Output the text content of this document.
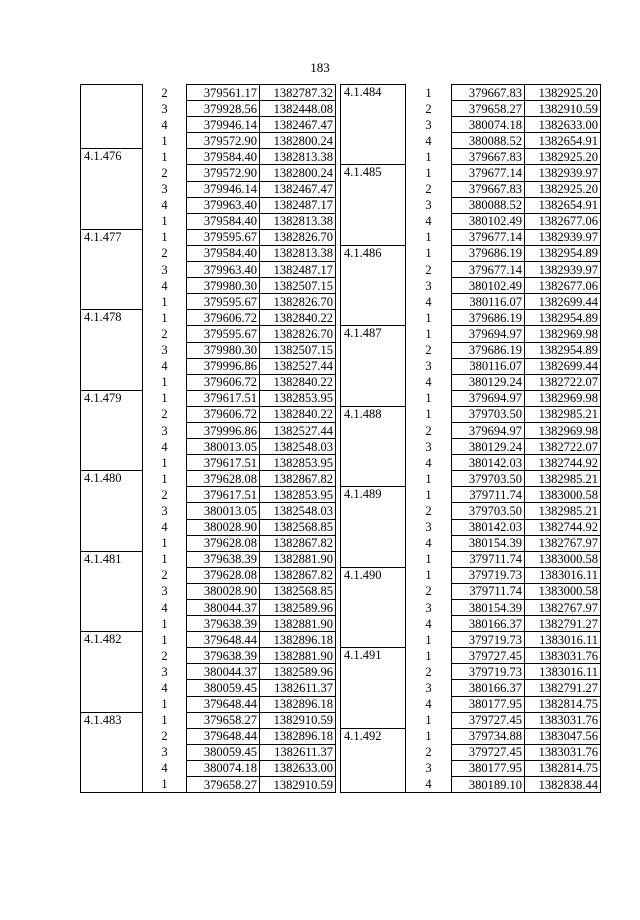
183
	2	379561.17	1382787.32
	3	379928.56	1382448.08
	4	379946.14	1382467.47
	1	379572.90	1382800.24
4.1.476	1	379584.40	1382813.38
	2	379572.90	1382800.24
	3	379946.14	1382467.47
	4	379963.40	1382487.17
	1	379584.40	1382813.38
4.1.477	1	379595.67	1382826.70
	2	379584.40	1382813.38
	3	379963.40	1382487.17
	4	379980.30	1382507.15
	1	379595.67	1382826.70
4.1.478	1	379606.72	1382840.22
	2	379595.67	1382826.70
	3	379980.30	1382507.15
	4	379996.86	1382527.44
	1	379606.72	1382840.22
4.1.479	1	379617.51	1382853.95
	2	379606.72	1382840.22
	3	379996.86	1382527.44
	4	380013.05	1382548.03
	1	379617.51	1382853.95
4.1.480	1	379628.08	1382867.82
	2	379617.51	1382853.95
	3	380013.05	1382548.03
	4	380028.90	1382568.85
	1	379628.08	1382867.82
4.1.481	1	379638.39	1382881.90
	2	379628.08	1382867.82
	3	380028.90	1382568.85
	4	380044.37	1382589.96
	1	379638.39	1382881.90
4.1.482	1	379648.44	1382896.18
	2	379638.39	1382881.90
	3	380044.37	1382589.96
	4	380059.45	1382611.37
	1	379648.44	1382896.18
4.1.483	1	379658.27	1382910.59
	2	379648.44	1382896.18
	3	380059.45	1382611.37
	4	380074.18	1382633.00
	1	379658.27	1382910.59
4.1.484	1	379667.83	1382925.20
	2	379658.27	1382910.59
	3	380074.18	1382633.00
	4	380088.52	1382654.91
	1	379667.83	1382925.20
4.1.485	1	379677.14	1382939.97
	2	379667.83	1382925.20
	3	380088.52	1382654.91
	4	380102.49	1382677.06
	1	379677.14	1382939.97
4.1.486	1	379686.19	1382954.89
	2	379677.14	1382939.97
	3	380102.49	1382677.06
	4	380116.07	1382699.44
	1	379686.19	1382954.89
4.1.487	1	379694.97	1382969.98
	2	379686.19	1382954.89
	3	380116.07	1382699.44
	4	380129.24	1382722.07
	1	379694.97	1382969.98
4.1.488	1	379703.50	1382985.21
	2	379694.97	1382969.98
	3	380129.24	1382722.07
	4	380142.03	1382744.92
	1	379703.50	1382985.21
4.1.489	1	379711.74	1383000.58
	2	379703.50	1382985.21
	3	380142.03	1382744.92
	4	380154.39	1382767.97
	1	379711.74	1383000.58
4.1.490	1	379719.73	1383016.11
	2	379711.74	1383000.58
	3	380154.39	1382767.97
	4	380166.37	1382791.27
	1	379719.73	1383016.11
4.1.491	1	379727.45	1383031.76
	2	379719.73	1383016.11
	3	380166.37	1382791.27
	4	380177.95	1382814.75
	1	379727.45	1383031.76
4.1.492	1	379734.88	1383047.56
	2	379727.45	1383031.76
	3	380177.95	1382814.75
	4	380189.10	1382838.44
